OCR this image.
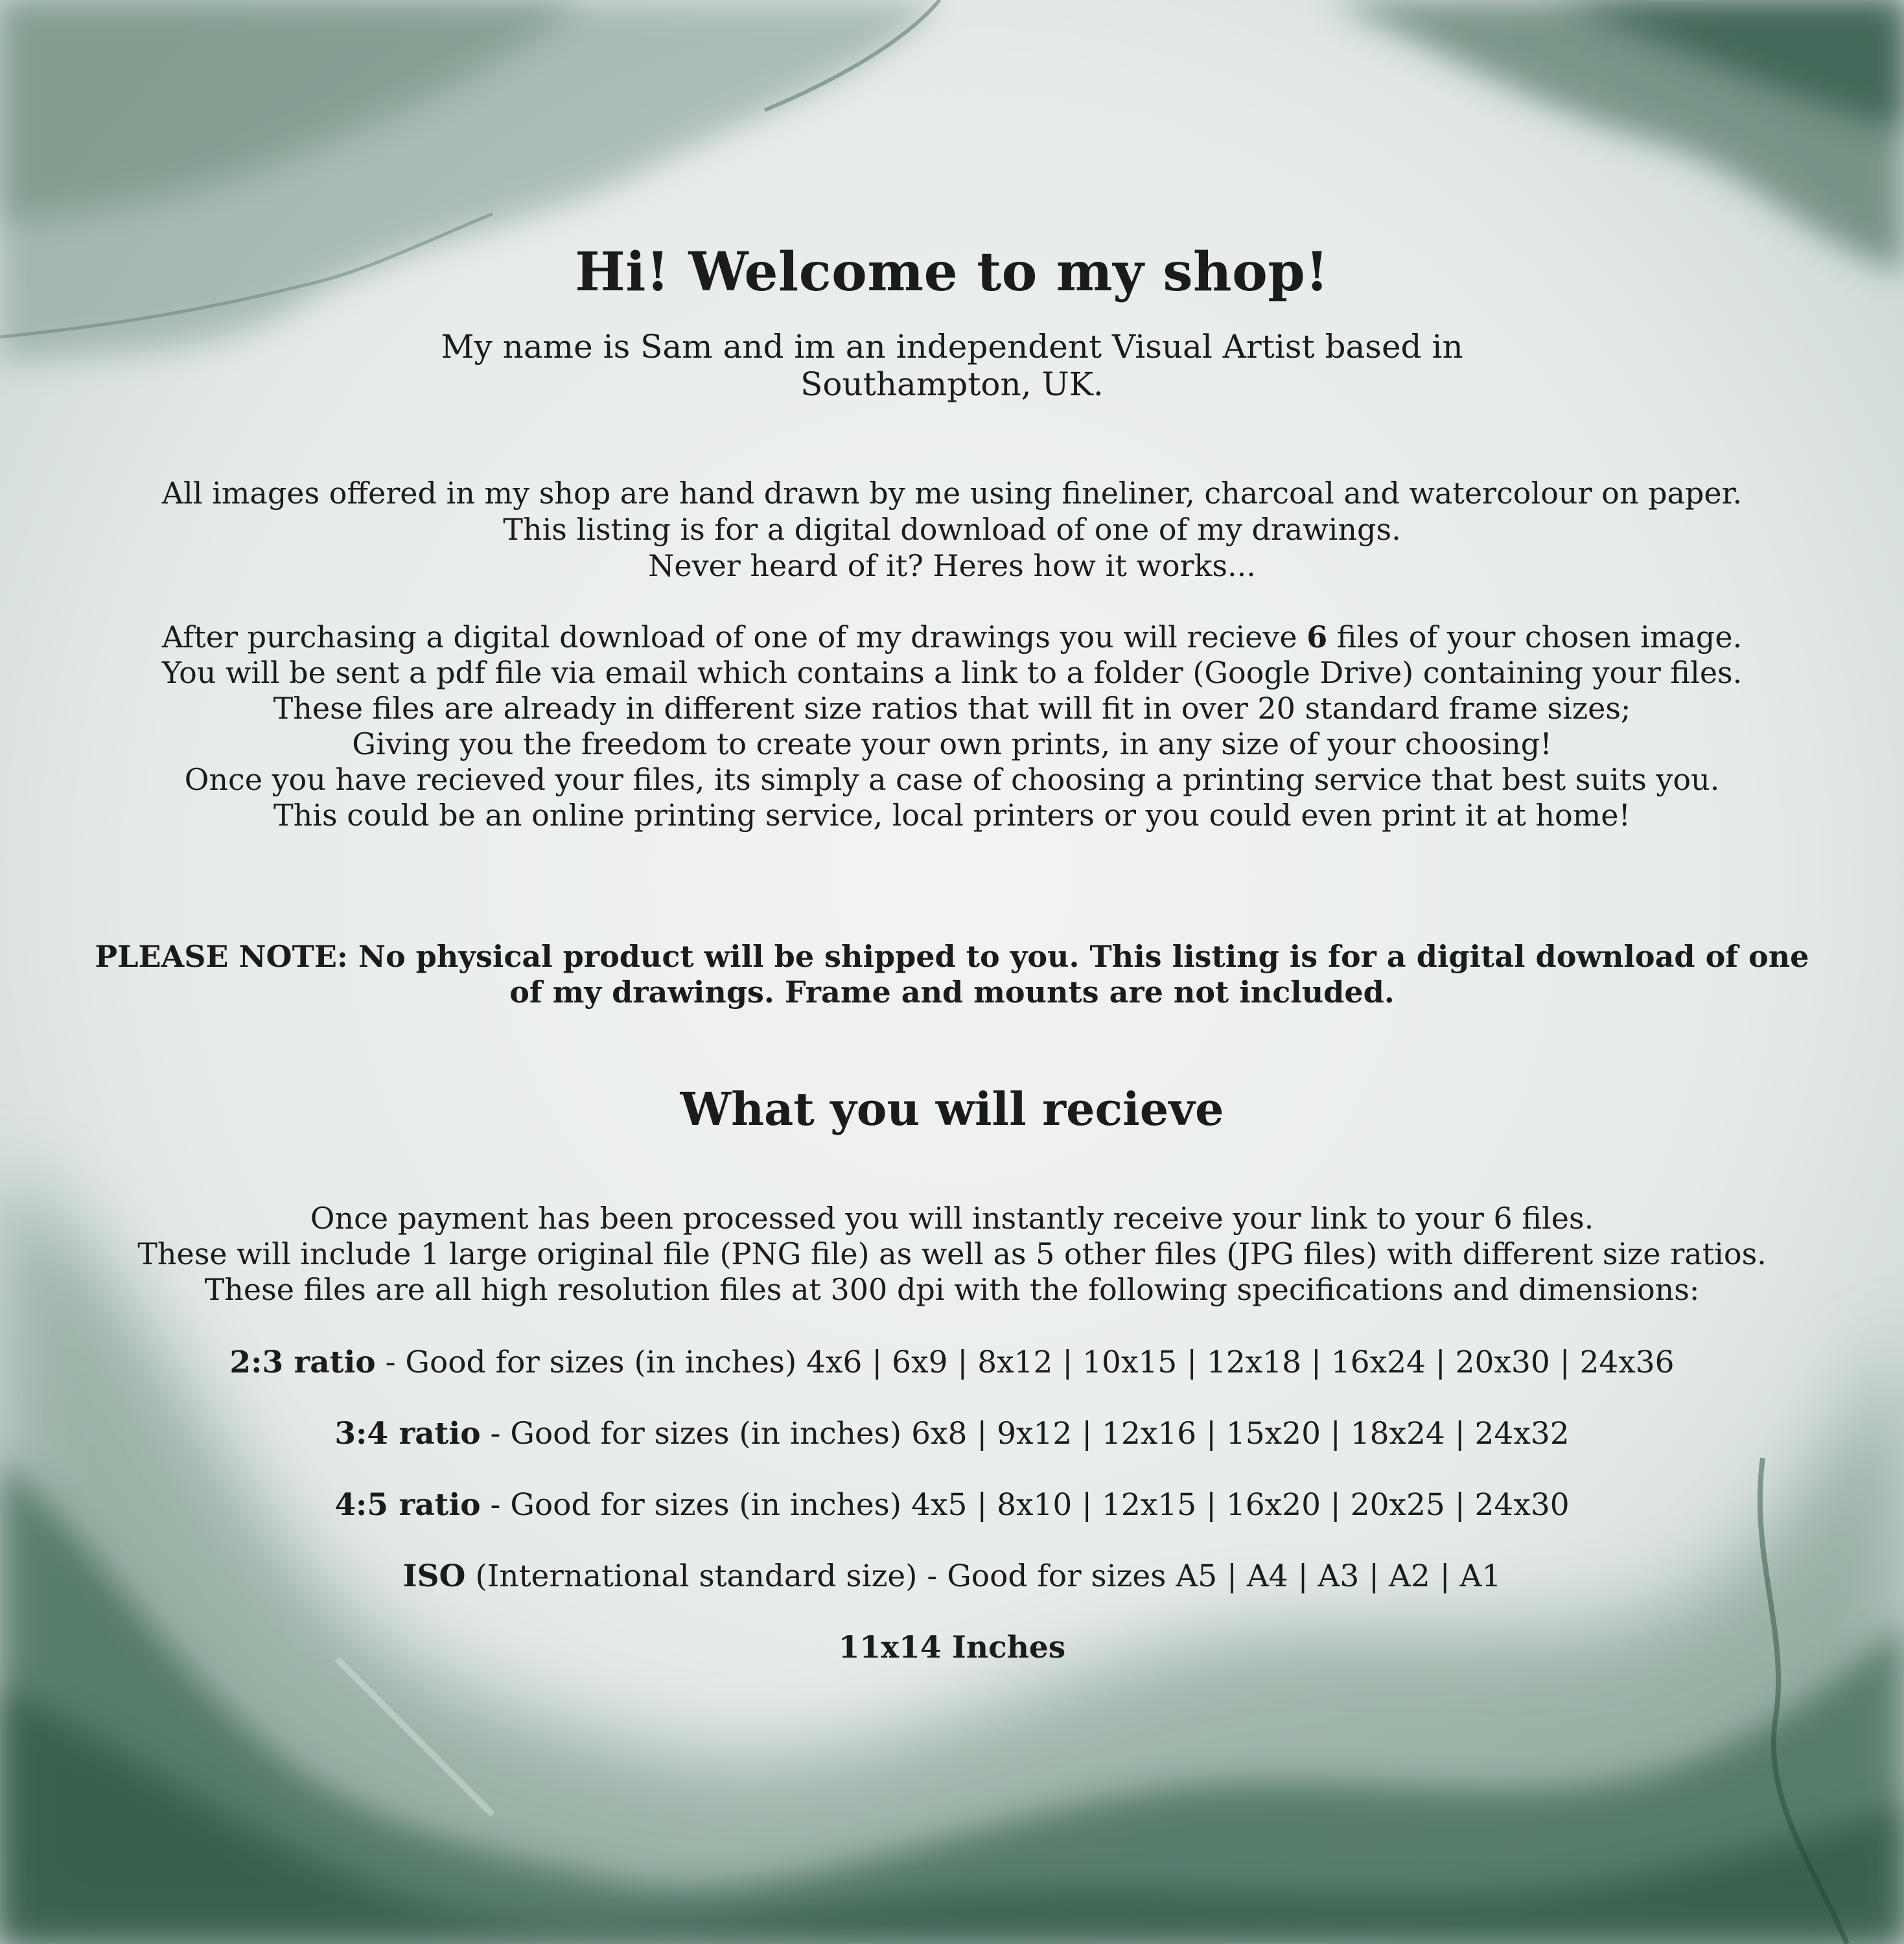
Hi! Welcome to my shop!
My name is Sam and im an independent Visual Artist based in
Southampton, UK.
All images offered in my shop are hand drawn by me using fineliner, charcoal and watercolour on paper.
This listing is for a digital download of one of my drawings.
Never heard of it? Heres how it works...
After purchasing a digital download of one of my drawings you will recieve 6 files of your chosen image.
You will be sent a pdf file via email which contains a link to a folder (Google Drive) containing your files.
These files are already in different size ratios that will fit in over 20 standard frame sizes;
Giving you the freedom to create your own prints, in any size of your choosing!
Once you have recieved your files, its simply a case of choosing a printing service that best suits you.
This could be an online printing service, local printers or you could even print it at home!
PLEASE NOTE: No physical product will be shipped to you. This listing is for a digital download of one
of my drawings. Frame and mounts are not included.
What you will recieve
Once payment has been processed you will instantly receive your link to your 6 files.
These will include 1 large original file (PNG file) as well as 5 other files (JPG files) with different size ratios.
These files are all high resolution files at 300 dpi with the following specifications and dimensions:
2:3 ratio - Good for sizes (in inches) 4x6 | 6x9 | 8x12 | 10x15 | 12x18 | 16x24 | 20x30 | 24x36
3:4 ratio - Good for sizes (in inches) 6x8 | 9x12 | 12x16 | 15x20 | 18x24 | 24x32
4:5 ratio - Good for sizes (in inches) 4x5 | 8x10 | 12x15 | 16x20 | 20x25 | 24x30
ISO (International standard size) - Good for sizes A5 | A4 | A3 | A2 | A1
11x14 Inches
